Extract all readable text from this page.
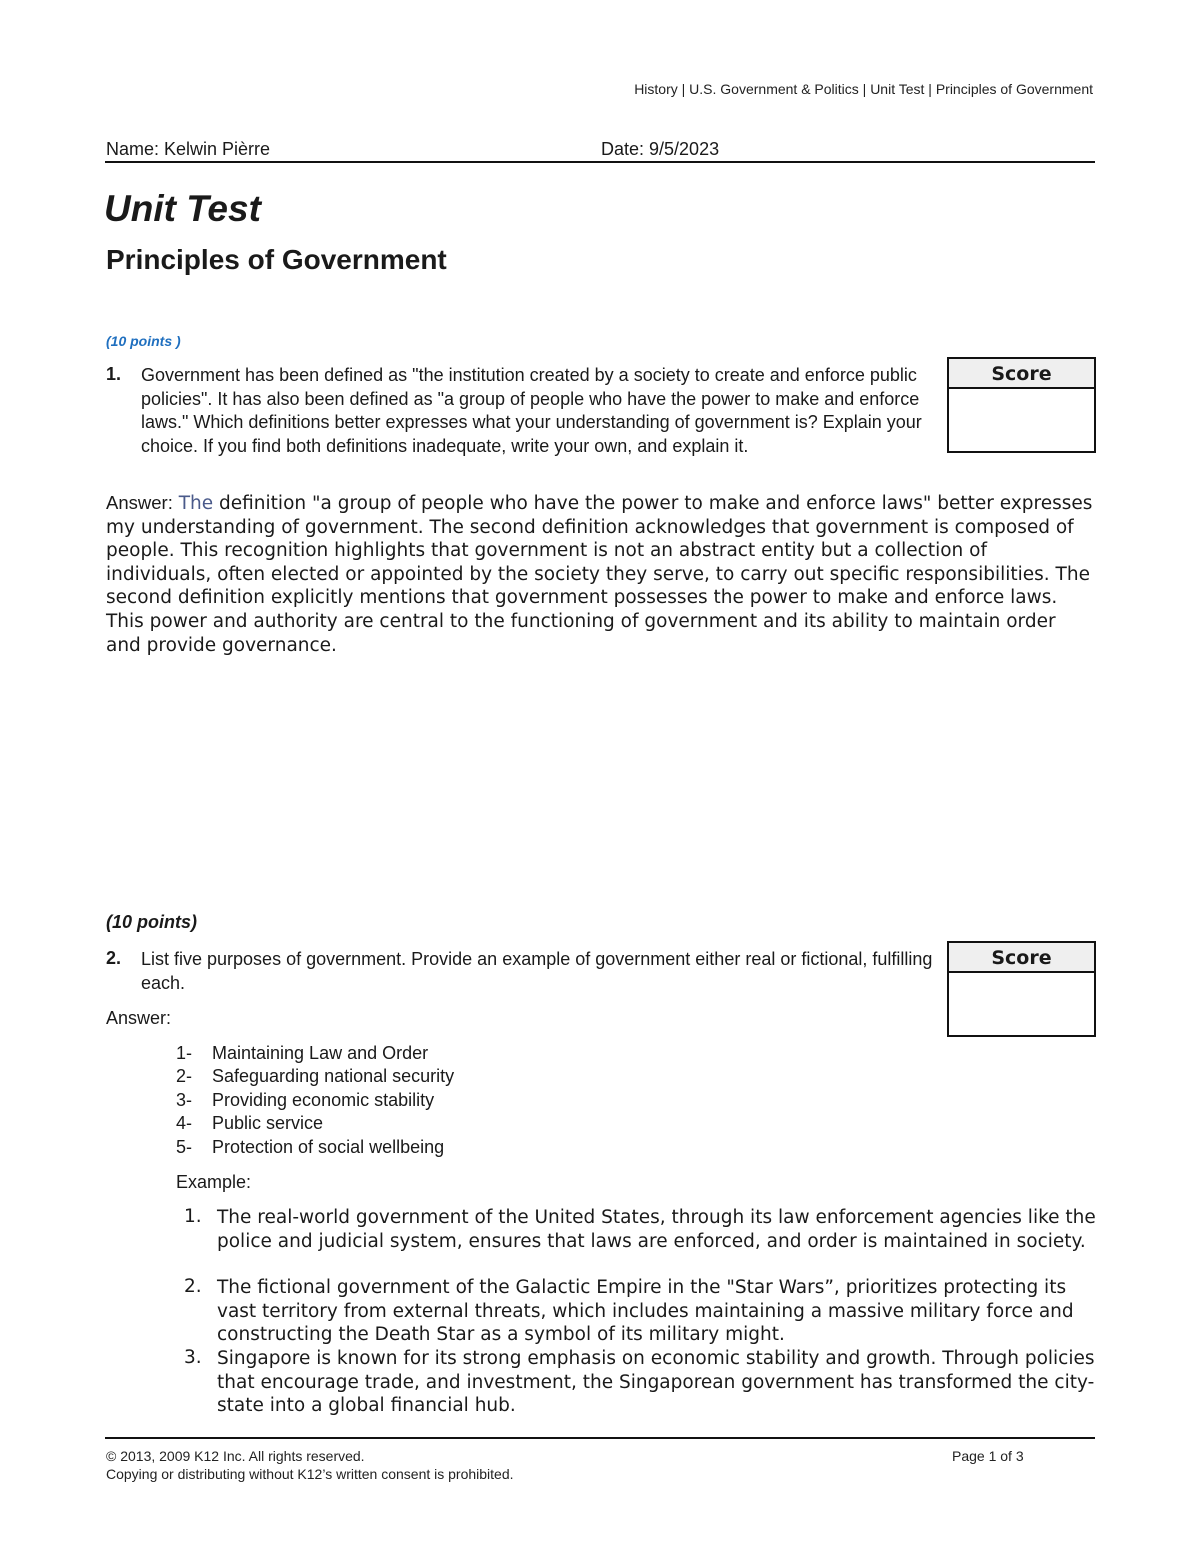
History | U.S. Government & Politics | Unit Test | Principles of Government
Name: Kelwin Pièrre	Date: 9/5/2023
Unit Test
Principles of Government
(10 points )
1. Government has been defined as "the institution created by a society to create and enforce public policies". It has also been defined as "a group of people who have the power to make and enforce laws." Which definitions better expresses what your understanding of government is? Explain your choice. If you find both definitions inadequate, write your own, and explain it.
Score
Answer: The definition "a group of people who have the power to make and enforce laws" better expresses my understanding of government. The second definition acknowledges that government is composed of people. This recognition highlights that government is not an abstract entity but a collection of individuals, often elected or appointed by the society they serve, to carry out specific responsibilities. The second definition explicitly mentions that government possesses the power to make and enforce laws. This power and authority are central to the functioning of government and its ability to maintain order and provide governance.
(10 points)
2. List five purposes of government. Provide an example of government either real or fictional, fulfilling each.
Score
Answer:
1- Maintaining Law and Order
2- Safeguarding national security
3- Providing economic stability
4- Public service
5- Protection of social wellbeing
Example:
1. The real-world government of the United States, through its law enforcement agencies like the police and judicial system, ensures that laws are enforced, and order is maintained in society.
2. The fictional government of the Galactic Empire in the "Star Wars”, prioritizes protecting its vast territory from external threats, which includes maintaining a massive military force and constructing the Death Star as a symbol of its military might.
3. Singapore is known for its strong emphasis on economic stability and growth. Through policies that encourage trade, and investment, the Singaporean government has transformed the city-state into a global financial hub.
© 2013, 2009 K12 Inc. All rights reserved.
Copying or distributing without K12’s written consent is prohibited.
Page 1 of 3
